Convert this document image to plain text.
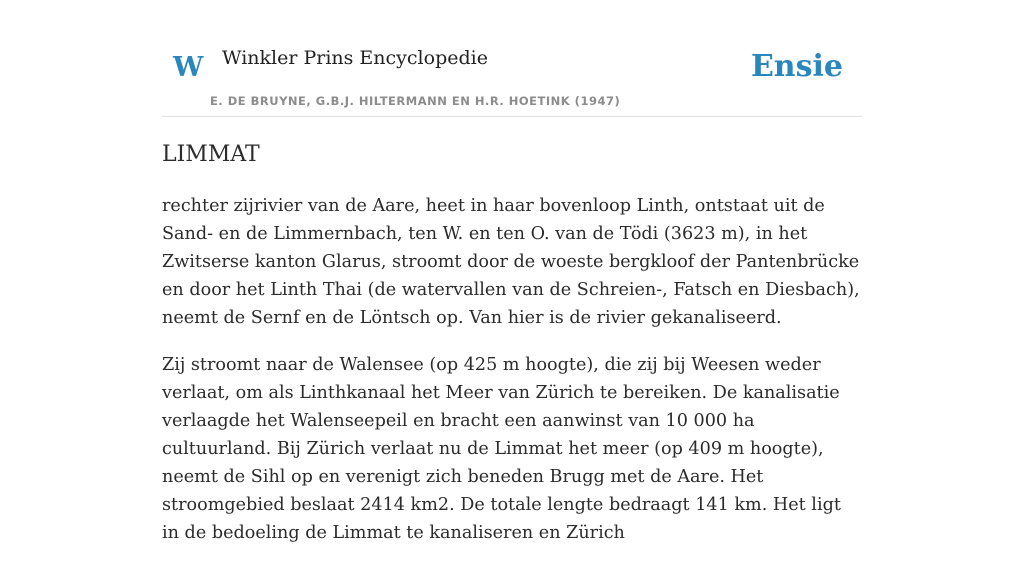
W Winkler Prins Encyclopedie
E. DE BRUYNE, G.B.J. HILTERMANN EN H.R. HOETINK (1947)
Ensie
LIMMAT

rechter zijrivier van de Aare, heet in haar bovenloop Linth, ontstaat uit de Sand- en de Limmernbach, ten W. en ten O. van de Tödi (3623 m), in het Zwitserse kanton Glarus, stroomt door de woeste bergkloof der Pantenbrücke en door het Linth Thai (de watervallen van de Schreien-, Fatsch en Diesbach), neemt de Sernf en de Löntsch op. Van hier is de rivier gekanaliseerd.

Zij stroomt naar de Walensee (op 425 m hoogte), die zij bij Weesen weder verlaat, om als Linthkanaal het Meer van Zürich te bereiken. De kanalisatie verlaagde het Walenseepeil en bracht een aanwinst van 10 000 ha cultuurland. Bij Zürich verlaat nu de Limmat het meer (op 409 m hoogte), neemt de Sihl op en verenigt zich beneden Brugg met de Aare. Het stroomgebied beslaat 2414 km2. De totale lengte bedraagt 141 km. Het ligt in de bedoeling de Limmat te kanaliseren en Zürich
